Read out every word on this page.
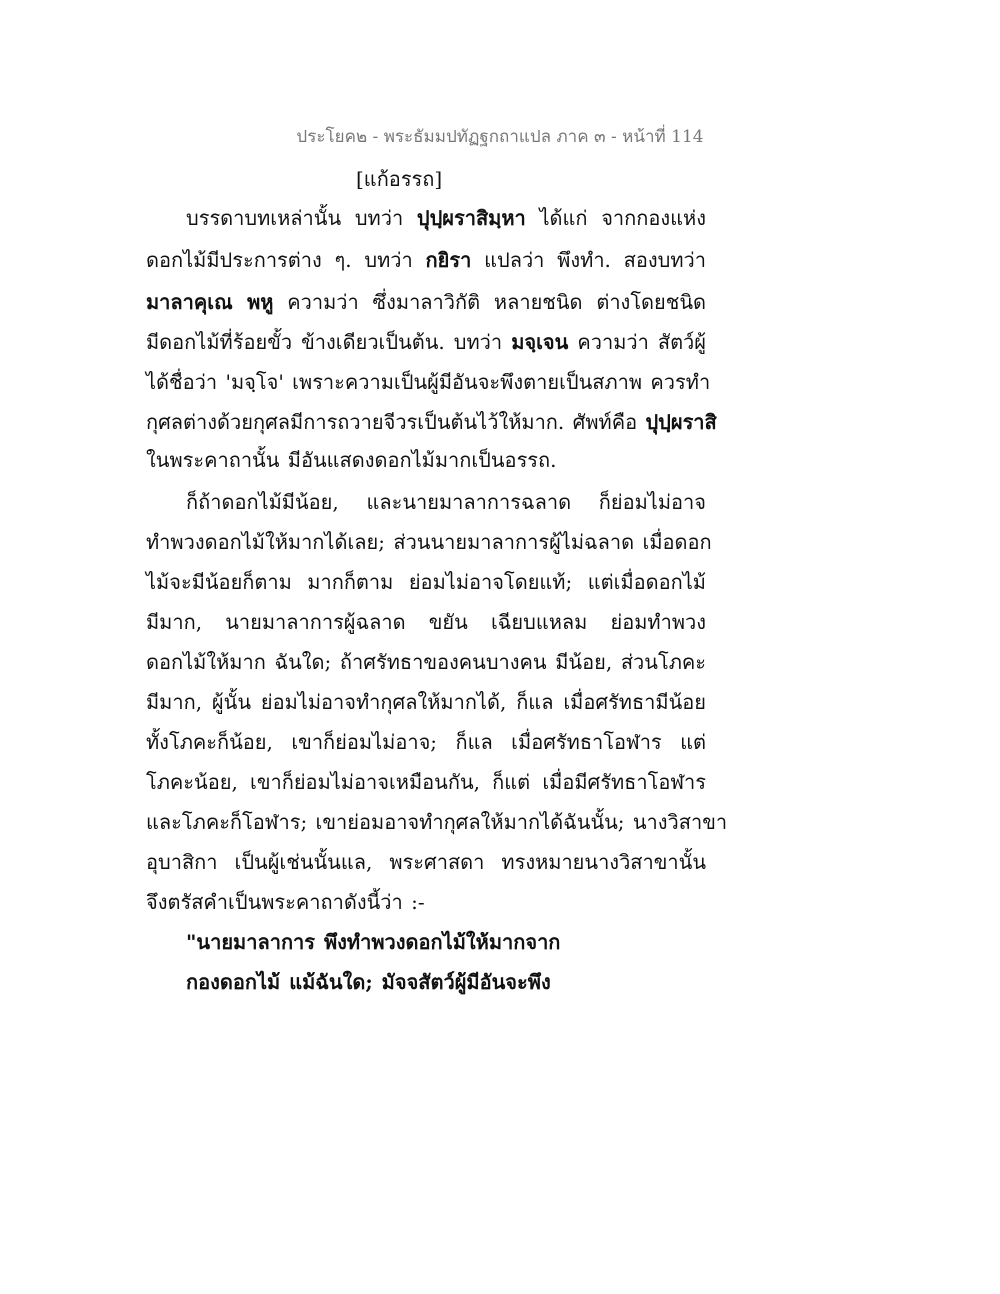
ประโยค๒ - พระธัมมปทัฏฐกถาแปล ภาค ๓ - หน้าที่ 114
[แก้อรรถ]
บรรดาบทเหล่านั้น บทว่า ปุปฺผราสิมฺหา ได้แก่ จากกองแห่ง
ดอกไม้มีประการต่าง ๆ. บทว่า กยิรา แปลว่า พึงทำ. สองบทว่า
มาลาคุเณ พหู ความว่า ซึ่งมาลาวิกัติ หลายชนิด ต่างโดยชนิด
มีดอกไม้ที่ร้อยขั้ว ข้างเดียวเป็นต้น. บทว่า มจฺเจน ความว่า สัตว์ผู้
ได้ชื่อว่า 'มจฺโจ' เพราะความเป็นผู้มีอันจะพึงตายเป็นสภาพ ควรทำ
กุศลต่างด้วยกุศลมีการถวายจีวรเป็นต้นไว้ให้มาก. ศัพท์คือ ปุปฺผราสิ
ในพระคาถานั้น มีอันแสดงดอกไม้มากเป็นอรรถ.
ก็ถ้าดอกไม้มีน้อย, และนายมาลาการฉลาด ก็ย่อมไม่อาจ
ทำพวงดอกไม้ให้มากได้เลย; ส่วนนายมาลาการผู้ไม่ฉลาด เมื่อดอก
ไม้จะมีน้อยก็ตาม มากก็ตาม ย่อมไม่อาจโดยแท้; แต่เมื่อดอกไม้
มีมาก, นายมาลาการผู้ฉลาด ขยัน เฉียบแหลม ย่อมทำพวง
ดอกไม้ให้มาก ฉันใด; ถ้าศรัทธาของคนบางคน มีน้อย, ส่วนโภคะ
มีมาก, ผู้นั้น ย่อมไม่อาจทำกุศลให้มากได้, ก็แล เมื่อศรัทธามีน้อย
ทั้งโภคะก็น้อย, เขาก็ย่อมไม่อาจ; ก็แล เมื่อศรัทธาโอฬาร แต่
โภคะน้อย, เขาก็ย่อมไม่อาจเหมือนกัน, ก็แต่ เมื่อมีศรัทธาโอฬาร
และโภคะก็โอฬาร; เขาย่อมอาจทำกุศลให้มากได้ฉันนั้น; นางวิสาขา
อุบาสิกา เป็นผู้เช่นนั้นแล, พระศาสดา ทรงหมายนางวิสาขานั้น
จึงตรัสคำเป็นพระคาถาดังนี้ว่า :-
"นายมาลาการ พึงทำพวงดอกไม้ให้มากจาก
กองดอกไม้ แม้ฉันใด; มัจจสัตว์ผู้มีอันจะพึง
